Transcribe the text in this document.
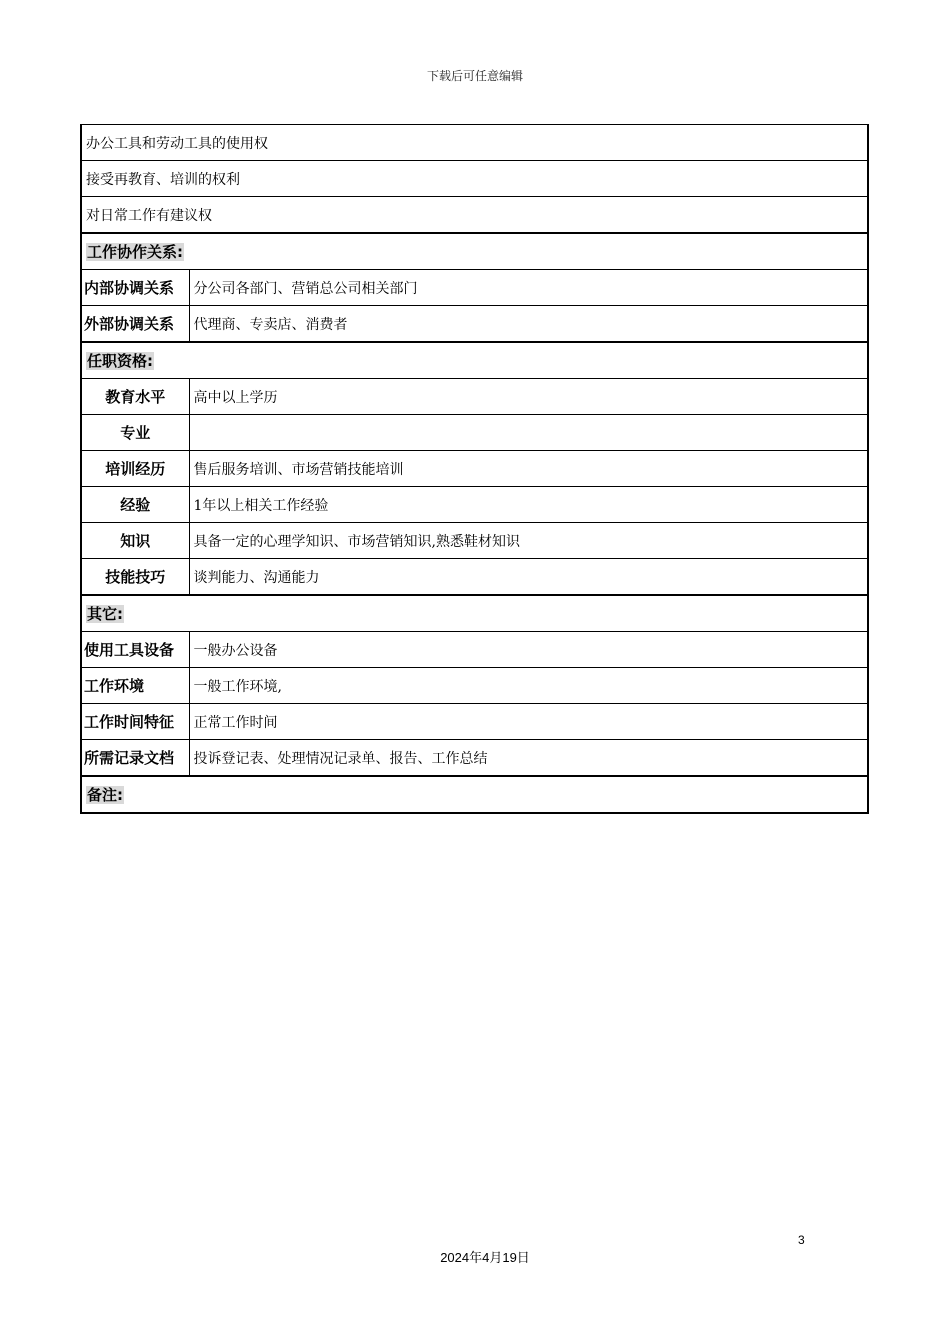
下载后可任意编辑
办公工具和劳动工具的使用权	
接受再教育、培训的权利	
对日常工作有建议权	
工作协作关系:	
内部协调关系	分公司各部门、营销总公司相关部门
外部协调关系	代理商、专卖店、消费者
任职资格:	
教育水平	高中以上学历
专业	
培训经历	售后服务培训、市场营销技能培训
经验	1年以上相关工作经验
知识	具备一定的心理学知识、市场营销知识,熟悉鞋材知识
技能技巧	谈判能力、沟通能力
其它:	
使用工具设备	一般办公设备
工作环境	一般工作环境,
工作时间特征	正常工作时间
所需记录文档	投诉登记表、处理情况记录单、报告、工作总结
备注:	
3
2024年4月19日
